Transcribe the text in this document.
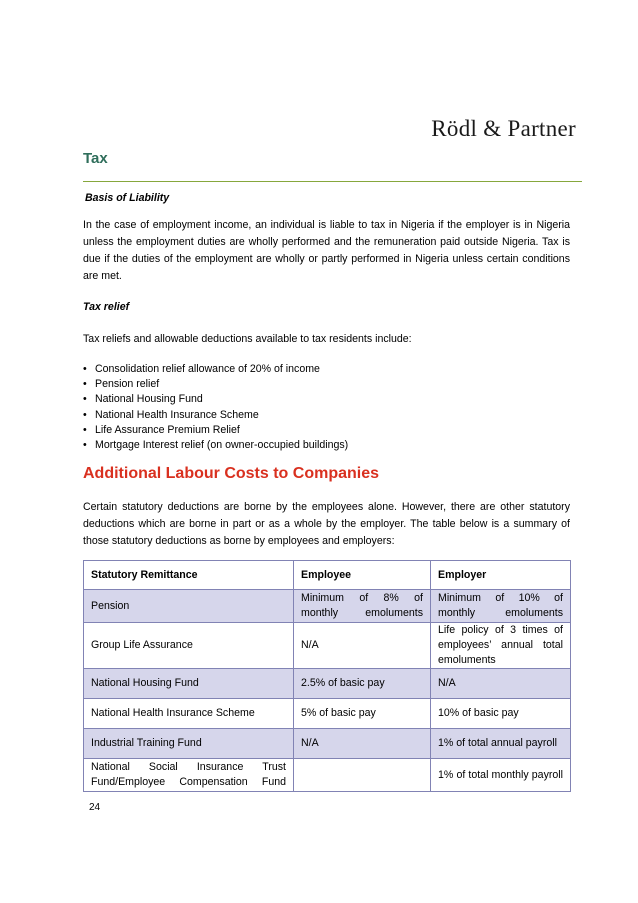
Rödl & Partner
Tax
Basis of Liability
In the case of employment income, an individual is liable to tax in Nigeria if the employer is in Nigeria unless the employment duties are wholly performed and the remuneration paid outside Nigeria. Tax is due if the duties of the employment are wholly or partly performed in Nigeria unless certain conditions are met.
Tax relief
Tax reliefs and allowable deductions available to tax residents include:
• Consolidation relief allowance of 20% of income
• Pension relief
• National Housing Fund
• National Health Insurance Scheme
• Life Assurance Premium Relief
• Mortgage Interest relief (on owner-occupied buildings)
Additional Labour Costs to Companies
Certain statutory deductions are borne by the employees alone. However, there are other statutory deductions which are borne in part or as a whole by the employer. The table below is a summary of those statutory deductions as borne by employees and employers:
Statutory Remittance	Employee	Employer
Pension	Minimum of 8% of monthly emoluments	Minimum of 10% of monthly emoluments
Group Life Assurance	N/A	Life policy of 3 times of employees’ annual total emoluments
National Housing Fund	2.5% of basic pay	N/A
National Health Insurance Scheme	5% of basic pay	10% of basic pay
Industrial Training Fund	N/A	1% of total annual payroll
National Social Insurance Trust Fund/Employee Compensation Fund		1% of total monthly payroll
24
